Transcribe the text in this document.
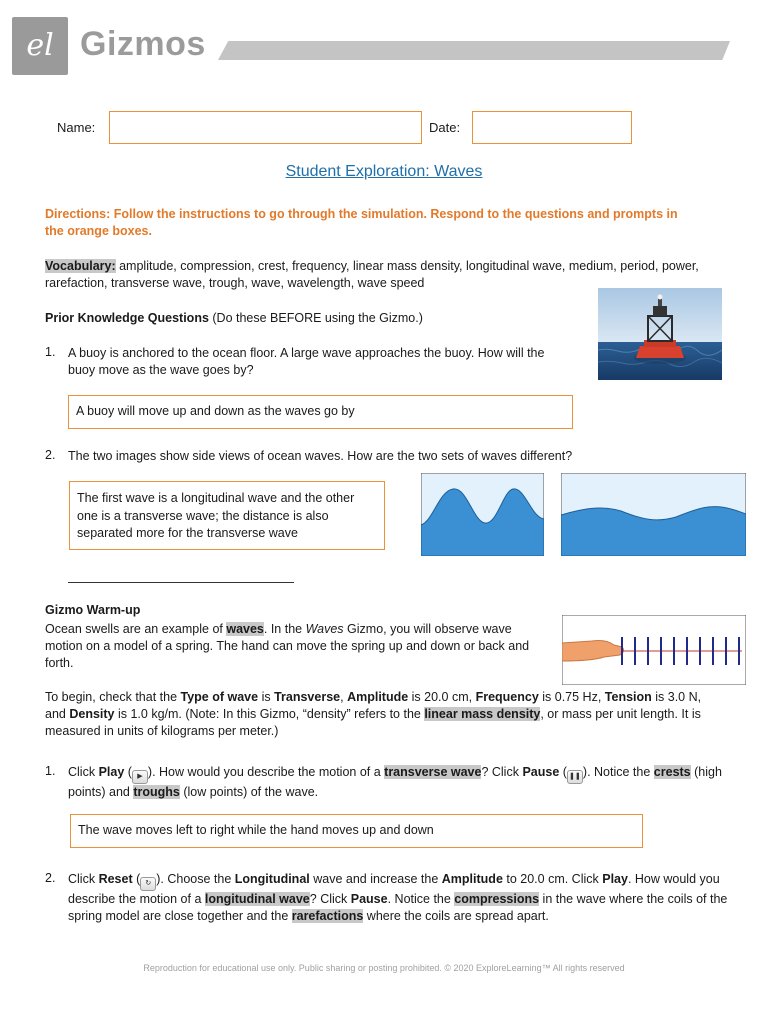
el Gizmos
Name:	Date:
Student Exploration: Waves
Directions: Follow the instructions to go through the simulation. Respond to the questions and prompts in the orange boxes.

Vocabulary: amplitude, compression, crest, frequency, linear mass density, longitudinal wave, medium, period, power, rarefaction, transverse wave, trough, wave, wavelength, wave speed

Prior Knowledge Questions (Do these BEFORE using the Gizmo.)

1. A buoy is anchored to the ocean floor. A large wave approaches the buoy. How will the buoy move as the wave goes by?

A buoy will move up and down as the waves go by
2. The two images show side views of ocean waves. How are the two sets of waves different?

The first wave is a longitudinal wave and the other one is a transverse wave; the distance is also separated more for the transverse wave
Gizmo Warm-up

Ocean swells are an example of waves. In the Waves Gizmo, you will observe wave motion on a model of a spring. The hand can move the spring up and down or back and forth.

To begin, check that the Type of wave is Transverse, Amplitude is 20.0 cm, Frequency is 0.75 Hz, Tension is 3.0 N, and Density is 1.0 kg/m. (Note: In this Gizmo, “density” refers to the linear mass density, or mass per unit length. It is measured in units of kilograms per meter.)

1. Click Play ( ▶ ). How would you describe the motion of a transverse wave? Click Pause ( ❚❚ ). Notice the crests (high points) and troughs (low points) of the wave.

The wave moves left to right while the hand moves up and down
2. Click Reset ( ↻ ). Choose the Longitudinal wave and increase the Amplitude to 20.0 cm. Click Play. How would you describe the motion of a longitudinal wave? Click Pause. Notice the compressions in the wave where the coils of the spring model are close together and the rarefactions where the coils are spread apart.

Reproduction for educational use only. Public sharing or posting prohibited. © 2020 ExploreLearning™ All rights reserved
